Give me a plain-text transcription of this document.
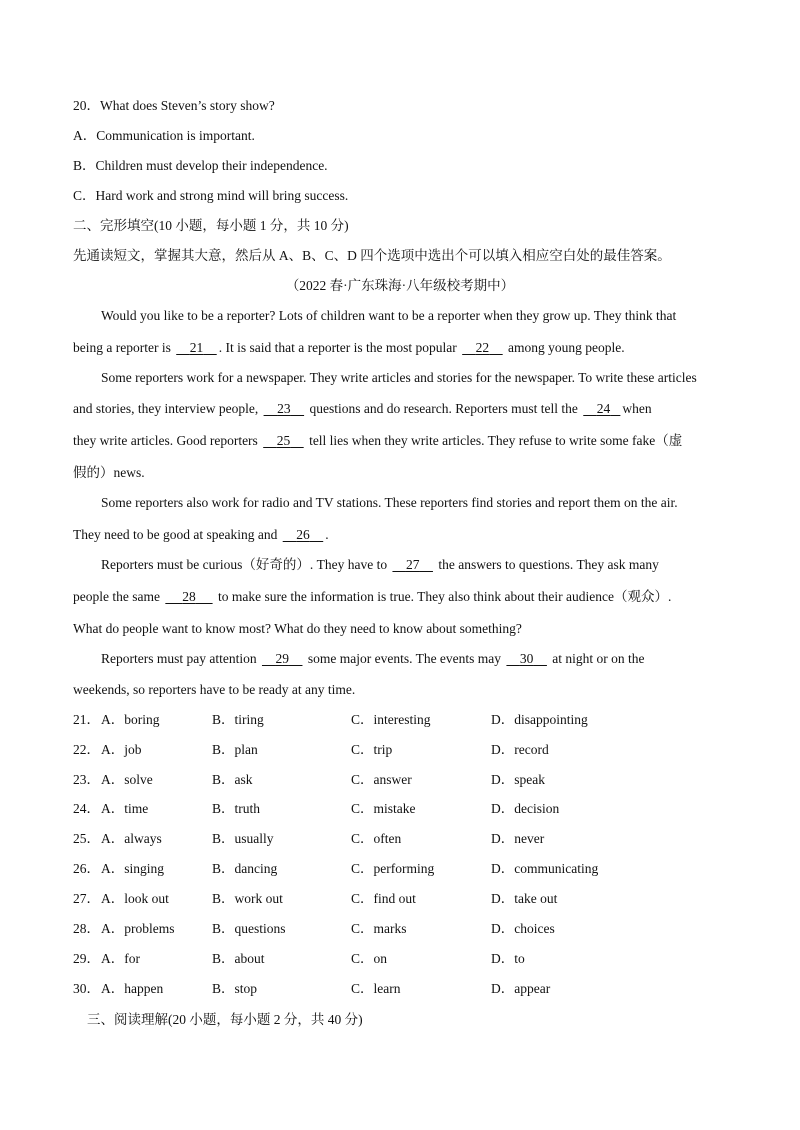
20．What does Steven’s story show?
A．Communication is important.
B．Children must develop their independence.
C．Hard work and strong mind will bring success.
二、完形填空(10 小题，每小题 1 分，共 10 分)
先通读短文，掌握其大意，然后从 A、B、C、D 四个选项中选出个可以填入相应空白处的最佳答案。
（2022 春·广东珠海·八年级校考期中）
Would you like to be a reporter? Lots of children want to be a reporter when they grow up. They think that
being a reporter is     21 . It is said that a reporter is the most popular     22     among young people.
Some reporters work for a newspaper. They write articles and stories for the newspaper. To write these articles
and stories, they interview people,     23     questions and do research. Reporters must tell the     24 when
they write articles. Good reporters     25     tell lies when they write articles. They refuse to write some fake（虚
假的）news.
Some reporters also work for radio and TV stations. These reporters find stories and report them on the air.
They need to be good at speaking and     26 .
Reporters must be curious（好奇的）. They have to     27     the answers to questions. They ask many
people the same      28      to make sure the information is true. They also think about their audience（观众）.
What do people want to know most? What do they need to know about something?
Reporters must pay attention     29     some major events. The events may     30     at night or on the
weekends, so reporters have to be ready at any time.
21． A．boring	B．tiring	C．interesting	D．disappointing
22． A．job	B．plan	C．trip	D．record
23． A．solve	B．ask	C．answer	D．speak
24． A．time	B．truth	C．mistake	D．decision
25． A．always	B．usually	C．often	D．never
26． A．singing	B．dancing	C．performing	D．communicating
27． A．look out	B．work out	C．find out	D．take out
28． A．problems	B．questions	C．marks	D．choices
29． A．for	B．about	C．on	D．to
30． A．happen	B．stop	C．learn	D．appear
三、阅读理解(20 小题，每小题 2 分，共 40 分)
